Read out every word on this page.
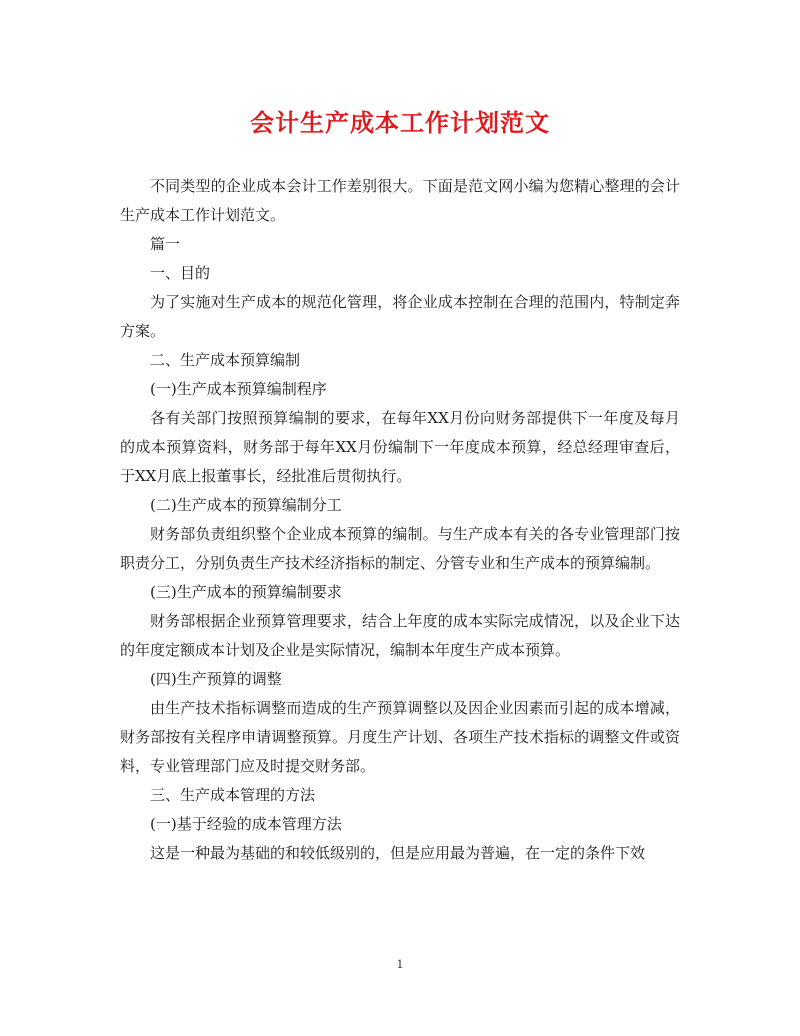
会计生产成本工作计划范文

不同类型的企业成本会计工作差别很大。下面是范文网小编为您精心整理的会计生产成本工作计划范文。

篇一

一、目的

为了实施对生产成本的规范化管理，将企业成本控制在合理的范围内，特制定奔方案。

二、生产成本预算编制

(一)生产成本预算编制程序

各有关部门按照预算编制的要求，在每年XX月份向财务部提供下一年度及每月的成本预算资料，财务部于每年XX月份编制下一年度成本预算，经总经理审查后，于XX月底上报董事长，经批准后贯彻执行。

(二)生产成本的预算编制分工

财务部负责组织整个企业成本预算的编制。与生产成本有关的各专业管理部门按职责分工，分别负责生产技术经济指标的制定、分管专业和生产成本的预算编制。

(三)生产成本的预算编制要求

财务部根据企业预算管理要求，结合上年度的成本实际完成情况，以及企业下达的年度定额成本计划及企业是实际情况，编制本年度生产成本预算。

(四)生产预算的调整

由生产技术指标调整而造成的生产预算调整以及因企业因素而引起的成本增减，财务部按有关程序申请调整预算。月度生产计划、各项生产技术指标的调整文件或资料，专业管理部门应及时提交财务部。

三、生产成本管理的方法

(一)基于经验的成本管理方法

这是一种最为基础的和较低级别的，但是应用最为普遍，在一定的条件下效

1
